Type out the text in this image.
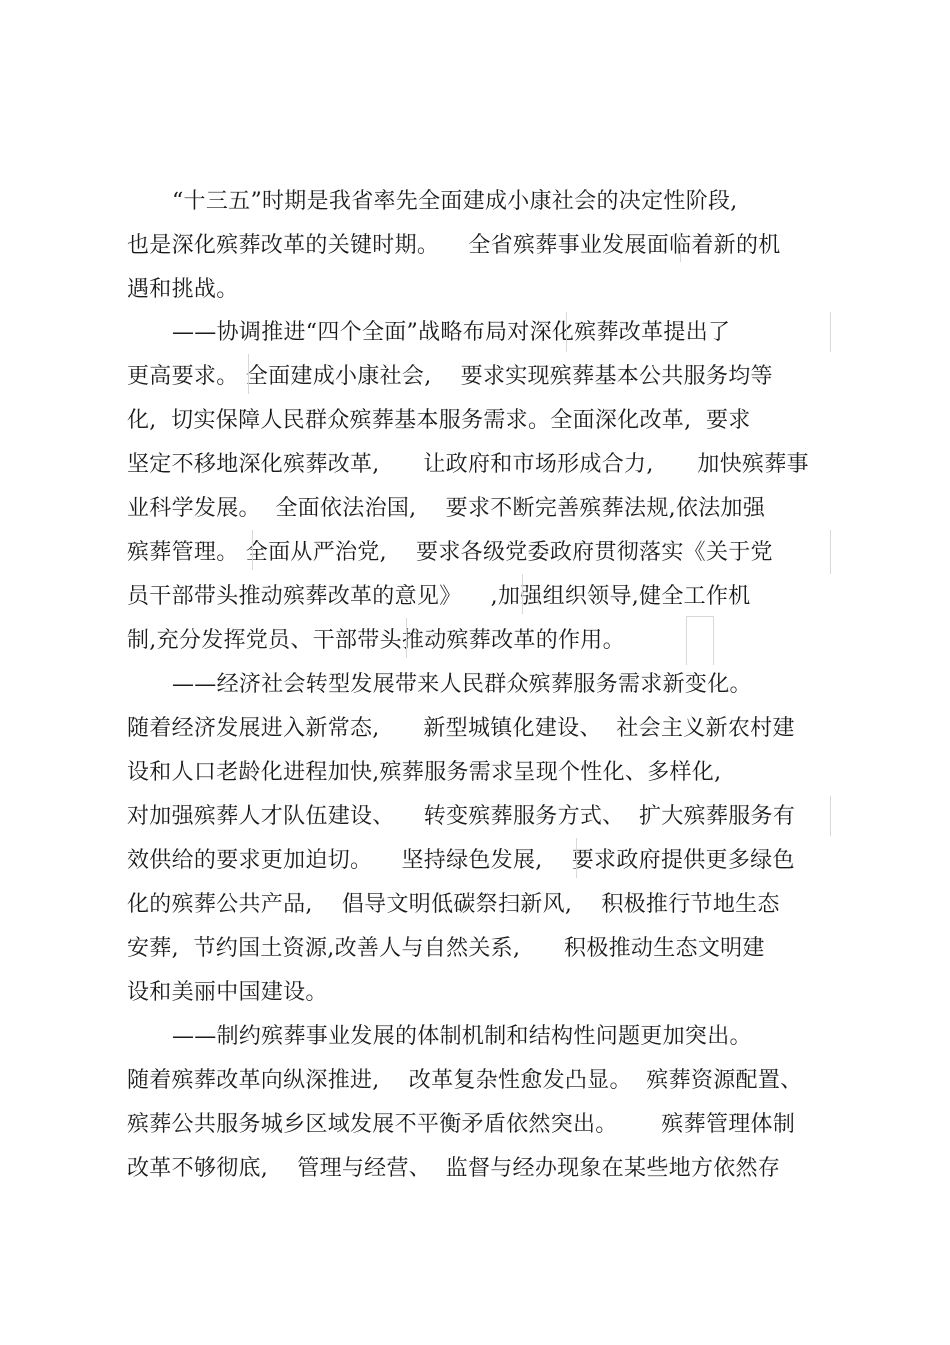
“十三五”时期是我省率先全面建成小康社会的决定性阶段,
也是深化殡葬改革的关键时期。    全省殡葬事业发展面临着新的机
遇和挑战。
——协调推进“四个全面”战略布局对深化殡葬改革提出了
更高要求。 全面建成小康社会,    要求实现殡葬基本公共服务均等
化,  切实保障人民群众殡葬基本服务需求。全面深化改革,  要求
坚定不移地深化殡葬改革,      让政府和市场形成合力,      加快殡葬事
业科学发展。  全面依法治国,    要求不断完善殡葬法规,依法加强
殡葬管理。 全面从严治党,    要求各级党委政府贯彻落实《关于党
员干部带头推动殡葬改革的意见》    ,加强组织领导,健全工作机
制,充分发挥党员、干部带头推动殡葬改革的作用。
——经济社会转型发展带来人民群众殡葬服务需求新变化。
随着经济发展进入新常态,      新型城镇化建设、  社会主义新农村建
设和人口老龄化进程加快,殡葬服务需求呈现个性化、多样化,
对加强殡葬人才队伍建设、    转变殡葬服务方式、  扩大殡葬服务有
效供给的要求更加迫切。    坚持绿色发展,    要求政府提供更多绿色
化的殡葬公共产品,    倡导文明低碳祭扫新风,    积极推行节地生态
安葬,  节约国土资源,改善人与自然关系,      积极推动生态文明建
设和美丽中国建设。
——制约殡葬事业发展的体制机制和结构性问题更加突出。
随着殡葬改革向纵深推进,    改革复杂性愈发凸显。  殡葬资源配置、
殡葬公共服务城乡区域发展不平衡矛盾依然突出。      殡葬管理体制
改革不够彻底,    管理与经营、  监督与经办现象在某些地方依然存
